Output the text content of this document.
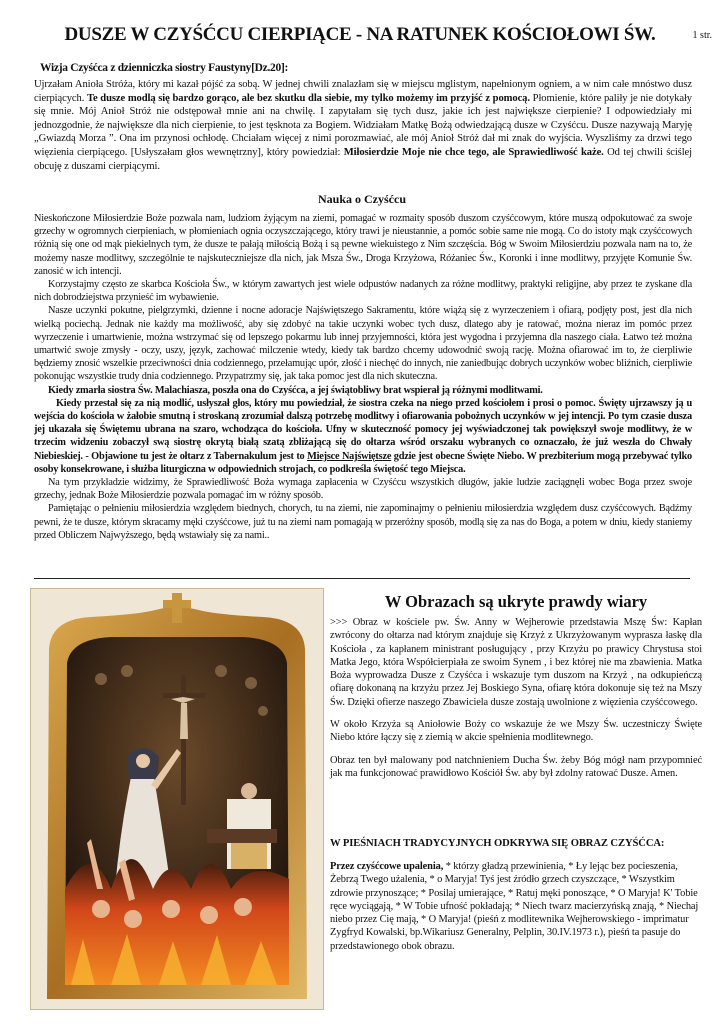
DUSZE W CZYŚĆCU CIERPIĄCE - NA RATUNEK KOŚCIOŁOWI ŚW.	1 str.
Wizja Czyśćca z dzienniczka siostry Faustyny[Dz.20]:

Ujrzałam Anioła Stróża, który mi kazał pójść za sobą. W jednej chwili znalazłam się w miejscu mglistym, napełnionym ogniem, a w nim całe mnóstwo dusz cierpiących. Te dusze modlą się bardzo gorąco, ale bez skutku dla siebie, my tylko możemy im przyjść z pomocą. Płomienie, które paliły je nie dotykały się mnie. Mój Anioł Stróż nie odstępował mnie ani na chwilę. I zapytałam się tych dusz, jakie ich jest największe cierpienie? I odpowiedziały mi jednozgodnie, że największe dla nich cierpienie, to jest tęsknota za Bogiem. Widziałam Matkę Bożą odwiedzającą dusze w Czyśćcu. Dusze nazywają Maryję „Gwiazdą Morza ”. Ona im przynosi ochłodę. Chciałam więcej z nimi porozmawiać, ale mój Anioł Stróż dał mi znak do wyjścia. Wyszliśmy za drzwi tego więzienia cierpiącego. [Usłyszałam głos wewnętrzny], który powiedział: Miłosierdzie Moje nie chce tego, ale Sprawiedliwość każe. Od tej chwili ściślej obcuję z duszami cierpiącymi.

Nauka o Czyśćcu

Nieskończone Miłosierdzie Boże pozwala nam, ludziom żyjącym na ziemi, pomagać w rozmaity sposób duszom czyśćcowym, które muszą odpokutować za swoje grzechy w ogromnych cierpieniach, w płomieniach ognia oczyszczającego, który trawi je nieustannie, a pomóc sobie same nie mogą. Co do istoty mąk czyśćcowych różnią się one od mąk piekielnych tym, że dusze te pałają miłością Bożą i są pewne wiekuistego z Nim szczęścia. Bóg w Swoim Miłosierdziu pozwala nam na to, że możemy nasze modlitwy, szczególnie te najskuteczniejsze dla nich, jak Msza Św., Droga Krzyżowa, Różaniec Św., Koronki i inne modlitwy, przyjęte Komunie Św. zanosić w ich intencji.

Korzystajmy często ze skarbca Kościoła Św., w którym zawartych jest wiele odpustów nadanych za różne modlitwy, praktyki religijne, aby przez te zyskane dla nich dobrodziejstwa przynieść im wybawienie.

Nasze uczynki pokutne, pielgrzymki, dzienne i nocne adoracje Najświętszego Sakramentu, które wiążą się z wyrzeczeniem i ofiarą, podjęty post, jest dla nich wielką pociechą. Jednak nie każdy ma możliwość, aby się zdobyć na takie uczynki wobec tych dusz, dlatego aby je ratować, można nieraz im pomóc przez wyrzeczenie i umartwienie, można wstrzymać się od lepszego pokarmu lub innej przyjemności, która jest wygodna i przyjemna dla naszego ciała. Łatwo też można umartwić swoje zmysły - oczy, uszy, język, zachować milczenie wtedy, kiedy tak bardzo chcemy udowodnić swoją rację. Można ofiarować im to, że cierpliwie będziemy znosić wszelkie przeciwności dnia codziennego, przełamując upór, złość i niechęć do innych, nie zaniedbując dobrych uczynków wobec bliźnich, cierpliwie pokonując wszystkie trudy dnia codziennego. Przypatrzmy się, jak taka pomoc jest dla nich skuteczna.

Kiedy zmarła siostra Św. Malachiasza, poszła ona do Czyśćca, a jej świątobliwy brat wspierał ją różnymi modlitwami.

Kiedy przestał się za nią modlić, usłyszał głos, który mu powiedział, że siostra czeka na niego przed kościołem i prosi o pomoc. Święty ujrzawszy ją u wejścia do kościoła w żałobie smutną i stroskaną zrozumiał dalszą potrzebę modlitwy i ofiarowania pobożnych uczynków w jej intencji. Po tym czasie dusza jej ukazała się Świętemu ubrana na szaro, wchodząca do kościoła. Ufny w skuteczność pomocy jej wyświadczonej tak powiększył swoje modlitwy, że w trzecim widzeniu zobaczył swą siostrę okrytą białą szatą zbliżającą się do ołtarza wśród orszaku wybranych co oznaczało, że już weszła do Chwały Niebieskiej. - Objawione tu jest że ołtarz z Tabernakulum jest to Miejsce Najświętsze gdzie jest obecne Święte Niebo. W prezbiterium mogą przebywać tylko osoby konsekrowane, i służba liturgiczna w odpowiednich strojach, co podkreśla świętość tego Miejsca.

Na tym przykładzie widzimy, że Sprawiedliwość Boża wymaga zapłacenia w Czyśćcu wszystkich długów, jakie ludzie zaciągnęli wobec Boga przez swoje grzechy, jednak Boże Miłosierdzie pozwala pomagać im w różny sposób.

Pamiętając o pełnieniu miłosierdzia względem biednych, chorych, tu na ziemi, nie zapominajmy o pełnieniu miłosierdzia względem dusz czyśćcowych. Bądźmy pewni, że te dusze, którym skracamy męki czyśćcowe, już tu na ziemi nam pomagają w przeróżny sposób, modlą się za nas do Boga, a potem w dniu, kiedy staniemy przed Obliczem Najwyższego, będą wstawiały się za nami..

W Obrazach są ukryte prawdy wiary

>>> Obraz w kościele pw. Św. Anny w Wejherowie przedstawia Mszę Św: Kapłan zwrócony do ołtarza nad którym znajduje się Krzyż z Ukrzyżowanym wyprasza łaskę dla Kościoła , za kapłanem ministrant posługujący , przy Krzyżu po prawicy Chrystusa stoi Matka Jego, która Współcierpiała ze swoim Synem , i bez której nie ma zbawienia. Matka Boża wyprowadza Dusze z Czyśćca i wskazuje tym duszom na Krzyż , na odkupieńczą ofiarę dokonaną na krzyżu przez Jej Boskiego Syna, ofiarę która dokonuje się też na Mszy Św. Dzięki ofierze naszego Zbawiciela dusze zostają uwolnione z więzienia czyśćcowego.

W około Krzyża są Aniołowie Boży co wskazuje że we Mszy Św. uczestniczy Święte Niebo które łączy się z ziemią w akcie spełnienia modlitewnego.

Obraz ten był malowany pod natchnieniem Ducha Św. żeby Bóg mógł nam przypomnieć jak ma funkcjonować prawidłowo Kościół Św. aby był zdolny ratować Dusze. Amen.

W PIEŚNIACH TRADYCYJNYCH ODKRYWA SIĘ OBRAZ CZYŚĆCA:

Przez czyśćcowe upalenia, * którzy gładzą przewinienia, * Ły lejąc bez pocieszenia, Żebrzą Twego użalenia, * o Maryja! Tyś jest źródło grzech czyszczące, * Wszystkim zdrowie przynoszące; * Posilaj umierające, * Ratuj męki ponoszące, * O Maryja! K' Tobie ręce wyciągają, * W Tobie ufność pokładają; * Niech twarz macierzyńską znają, * Niechaj niebo przez Cię mają, * O Maryja! (pieśń z modlitewnika Wejherowskiego - imprimatur Zygfryd Kowalski, bp.Wikariusz Generalny, Pelplin, 30.IV.1973 r.), pieśń ta pasuje do przedstawionego obok obrazu.
